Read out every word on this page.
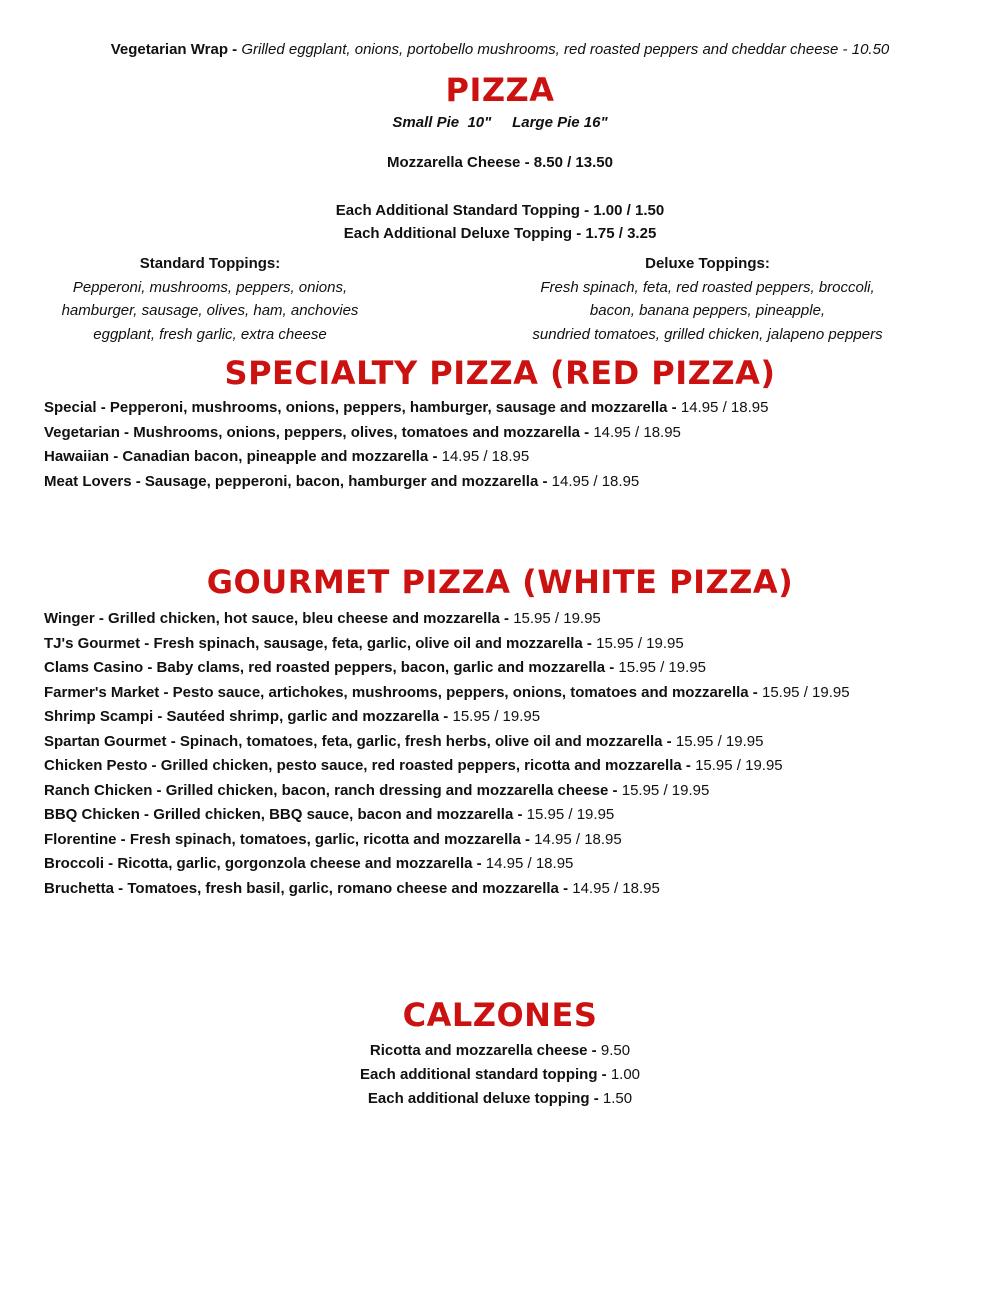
Vegetarian Wrap - Grilled eggplant, onions, portobello mushrooms, red roasted peppers and cheddar cheese - 10.50
PIZZA
Small Pie  10"     Large Pie 16"
Mozzarella Cheese - 8.50 / 13.50
Each Additional Standard Topping - 1.00 / 1.50
Each Additional Deluxe Topping - 1.75 / 3.25
Standard Toppings:
Pepperoni, mushrooms, peppers, onions,
hamburger, sausage, olives, ham, anchovies
eggplant, fresh garlic, extra cheese
Deluxe Toppings:
Fresh spinach, feta, red roasted peppers, broccoli,
bacon, banana peppers, pineapple,
sundried tomatoes, grilled chicken, jalapeno peppers
SPECIALTY PIZZA (RED PIZZA)
Special - Pepperoni, mushrooms, onions, peppers, hamburger, sausage and mozzarella - 14.95 / 18.95
Vegetarian - Mushrooms, onions, peppers, olives, tomatoes and mozzarella - 14.95 / 18.95
Hawaiian - Canadian bacon, pineapple and mozzarella - 14.95 / 18.95
Meat Lovers - Sausage, pepperoni, bacon, hamburger and mozzarella - 14.95 / 18.95
GOURMET PIZZA (WHITE PIZZA)
Winger - Grilled chicken, hot sauce, bleu cheese and mozzarella - 15.95 / 19.95
TJ's Gourmet - Fresh spinach, sausage, feta, garlic, olive oil and mozzarella - 15.95 / 19.95
Clams Casino - Baby clams, red roasted peppers, bacon, garlic and mozzarella - 15.95 / 19.95
Farmer's Market - Pesto sauce, artichokes, mushrooms, peppers, onions, tomatoes and mozzarella - 15.95 / 19.95
Shrimp Scampi - Sautéed shrimp, garlic and mozzarella - 15.95 / 19.95
Spartan Gourmet - Spinach, tomatoes, feta, garlic, fresh herbs, olive oil and mozzarella - 15.95 / 19.95
Chicken Pesto - Grilled chicken, pesto sauce, red roasted peppers, ricotta and mozzarella - 15.95 / 19.95
Ranch Chicken - Grilled chicken, bacon, ranch dressing and mozzarella cheese - 15.95 / 19.95
BBQ Chicken - Grilled chicken, BBQ sauce, bacon and mozzarella - 15.95 / 19.95
Florentine - Fresh spinach, tomatoes, garlic, ricotta and mozzarella - 14.95 / 18.95
Broccoli - Ricotta, garlic, gorgonzola cheese and mozzarella - 14.95 / 18.95
Bruchetta - Tomatoes, fresh basil, garlic, romano cheese and mozzarella - 14.95 / 18.95
CALZONES
Ricotta and mozzarella cheese - 9.50
Each additional standard topping - 1.00
Each additional deluxe topping - 1.50
